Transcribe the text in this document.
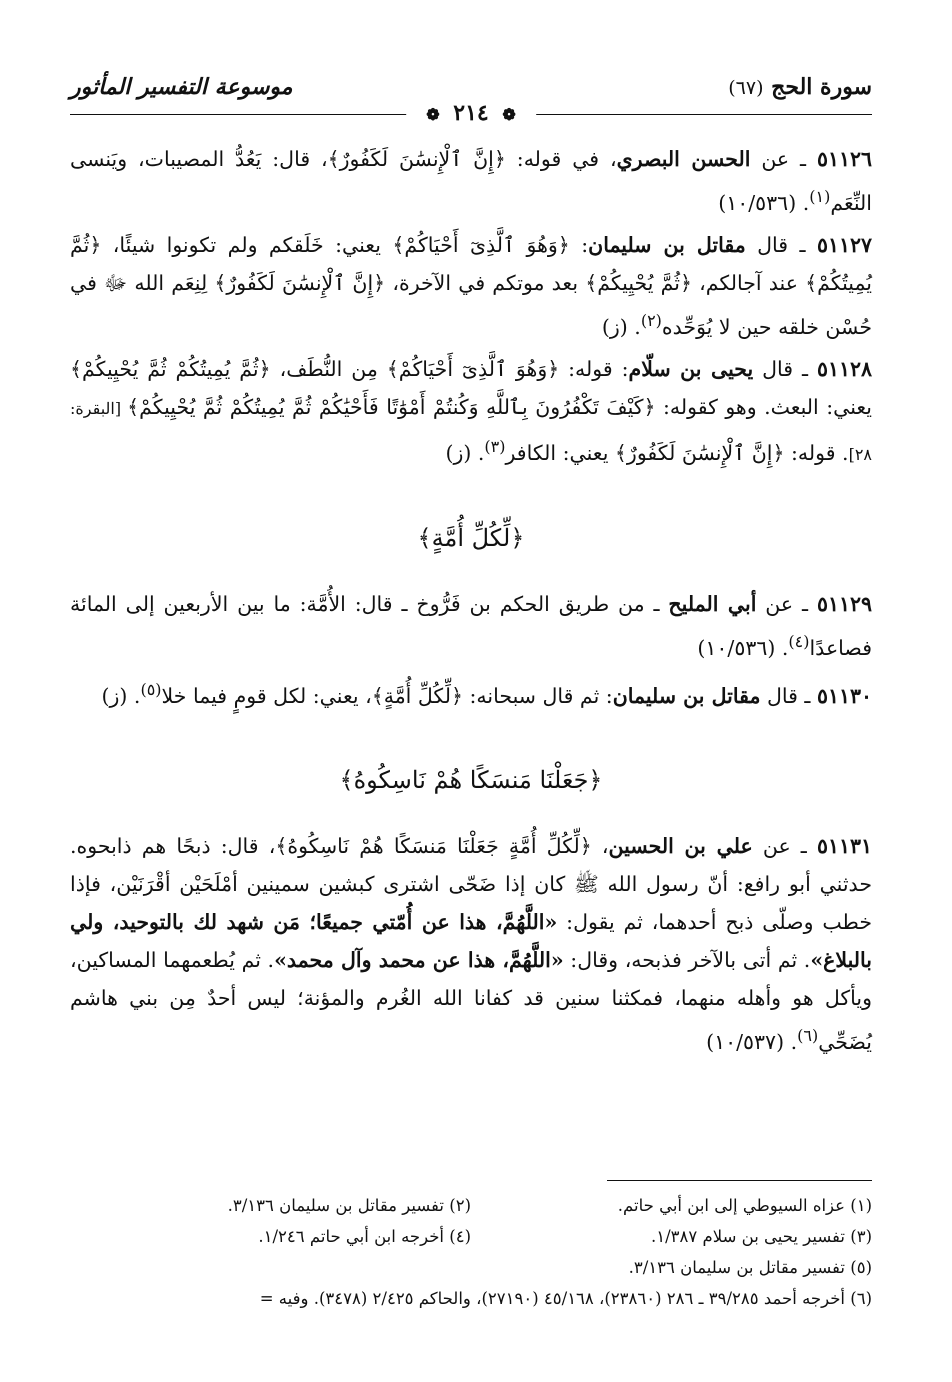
موسوعة التفسير المأثور	سورة الحج (٦٧)
❁ ٢١٤ ❁

٥١١٢٦ ـ عن الحسن البصري، في قوله: ﴿إِنَّ ٱلْإِنسَٰنَ لَكَفُورٌ﴾، قال: يَعُدُّ المصيبات، ويَنسى النِّعَم$^{(١)}$. (١٠/٥٣٦)

٥١١٢٧ ـ قال مقاتل بن سليمان: ﴿وَهُوَ ٱلَّذِىٓ أَحْيَاكُمْ﴾ يعني: خَلَقكم ولم تكونوا شيئًا، ﴿ثُمَّ يُمِيتُكُمْ﴾ عند آجالكم، ﴿ثُمَّ يُحْيِيكُمْ﴾ بعد موتكم في الآخرة، ﴿إِنَّ ٱلْإِنسَٰنَ لَكَفُورٌ﴾ لِنِعَم الله ﷻ في حُسْن خلقه حين لا يُوَحِّده$^{(٢)}$. (ز)

٥١١٢٨ ـ قال يحيى بن سلّام: قوله: ﴿وَهُوَ ٱلَّذِىٓ أَحْيَاكُمْ﴾ مِن النُّطَف، ﴿ثُمَّ يُمِيتُكُمْ ثُمَّ يُحْيِيكُمْ﴾ يعني: البعث. وهو كقوله: ﴿كَيْفَ تَكْفُرُونَ بِٱللَّهِ وَكُنتُمْ أَمْوَٰتًا فَأَحْيَٰكُمْ ثُمَّ يُمِيتُكُمْ ثُمَّ يُحْيِيكُمْ﴾ [البقرة: ٢٨]. قوله: ﴿إِنَّ ٱلْإِنسَٰنَ لَكَفُورٌ﴾ يعني: الكافر$^{(٣)}$. (ز)

﴿لِّكُلِّ أُمَّةٍ﴾

٥١١٢٩ ـ عن أبي المليح ـ من طريق الحكم بن فَرُّوخ ـ قال: الأُمَّة: ما بين الأربعين إلى المائة فصاعدًا$^{(٤)}$. (١٠/٥٣٦)

٥١١٣٠ ـ قال مقاتل بن سليمان: ثم قال سبحانه: ﴿لِّكُلِّ أُمَّةٍ﴾، يعني: لكل قومٍ فيما خلا$^{(٥)}$. (ز)

﴿جَعَلْنَا مَنسَكًا هُمْ نَاسِكُوهُ﴾

٥١١٣١ ـ عن علي بن الحسين، ﴿لِّكُلِّ أُمَّةٍ جَعَلْنَا مَنسَكًا هُمْ نَاسِكُوهُ﴾، قال: ذبحًا هم ذابحوه. حدثني أبو رافع: أنّ رسول الله ﷺ كان إذا ضَحّى اشترى كبشين سمينين أمْلَحَيْن أقْرَنَيْن، فإذا خطب وصلّى ذبح أحدهما، ثم يقول: «اللَّهُمَّ، هذا عن أُمّتي جميعًا؛ مَن شهد لك بالتوحيد، ولي بالبلاغ». ثم أتى بالآخر فذبحه، وقال: «اللَّهُمَّ، هذا عن محمد وآل محمد». ثم يُطعمهما المساكين، ويأكل هو وأهله منهما، فمكثنا سنين قد كفانا الله الغُرم والمؤنة؛ ليس أحدٌ مِن بني هاشم يُضَحِّي$^{(٦)}$. (١٠/٥٣٧)

(١) عزاه السيوطي إلى ابن أبي حاتم.
(٢) تفسير مقاتل بن سليمان ٣/١٣٦.
(٣) تفسير يحيى بن سلام ١/٣٨٧.
(٤) أخرجه ابن أبي حاتم ١/٢٤٦.
(٥) تفسير مقاتل بن سليمان ٣/١٣٦.
(٦) أخرجه أحمد ٣٩/٢٨٥ ـ ٢٨٦ (٢٣٨٦٠)، ٤٥/١٦٨ (٢٧١٩٠)، والحاكم ٢/٤٢٥ (٣٤٧٨). وفيه =
